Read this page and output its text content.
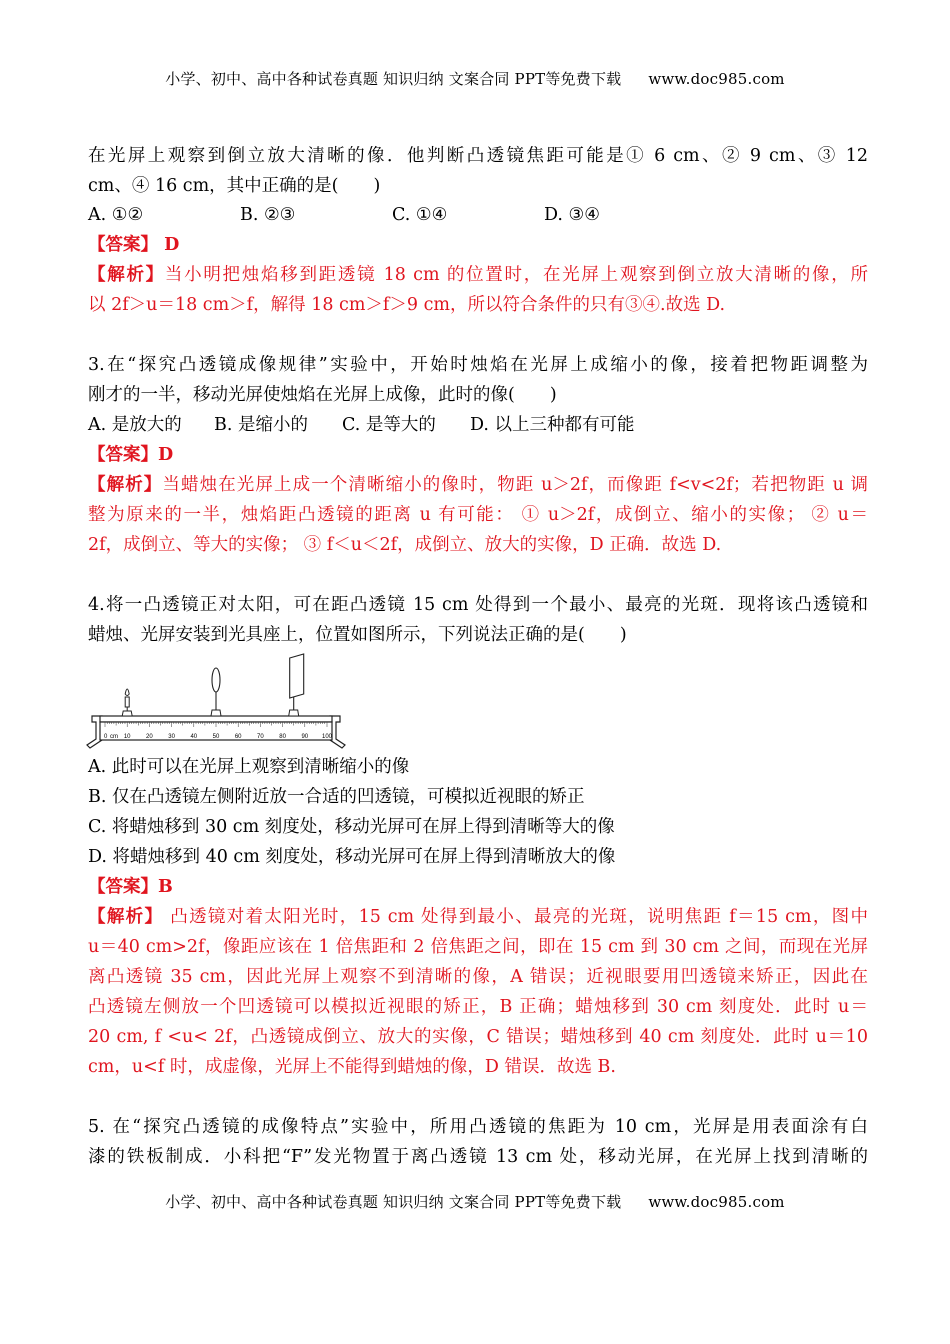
小学、初中、高中各种试卷真题 知识归纳 文案合同 PPT等免费下载 www.doc985.com
在光屏上观察到倒立放大清晰的像．他判断凸透镜焦距可能是① 6 cm、② 9 cm、③ 12
cm、④ 16 cm，其中正确的是(　　)
A. ①②	B. ②③	C. ①④	D. ③④
【答案】 D
【解析】当小明把烛焰移到距透镜 18 cm 的位置时，在光屏上观察到倒立放大清晰的像，所
以 2f＞u＝18 cm＞f，解得 18 cm＞f＞9 cm，所以符合条件的只有③④.故选 D.
3.在“探究凸透镜成像规律”实验中，开始时烛焰在光屏上成缩小的像，接着把物距调整为
刚才的一半，移动光屏使烛焰在光屏上成像，此时的像(　　)
A. 是放大的 B. 是缩小的 C. 是等大的 D. 以上三种都有可能
【答案】D
【解析】当蜡烛在光屏上成一个清晰缩小的像时，物距 u＞2f，而像距 f<v<2f；若把物距 u 调
整为原来的一半，烛焰距凸透镜的距离 u 有可能： ① u＞2f，成倒立、缩小的实像； ② u＝
2f，成倒立、等大的实像； ③ f＜u＜2f，成倒立、放大的实像，D 正确．故选 D.
4.将一凸透镜正对太阳，可在距凸透镜 15 cm 处得到一个最小、最亮的光斑．现将该凸透镜和
蜡烛、光屏安装到光具座上，位置如图所示，下列说法正确的是(　　)
0	10	20	30	40	50	60	70	80	90 100
cm
A. 此时可以在光屏上观察到清晰缩小的像
B. 仅在凸透镜左侧附近放一合适的凹透镜，可模拟近视眼的矫正
C. 将蜡烛移到 30 cm 刻度处，移动光屏可在屏上得到清晰等大的像
D. 将蜡烛移到 40 cm 刻度处，移动光屏可在屏上得到清晰放大的像
【答案】B
【解析】 凸透镜对着太阳光时，15 cm 处得到最小、最亮的光斑，说明焦距 f＝15 cm，图中
u＝40 cm>2f，像距应该在 1 倍焦距和 2 倍焦距之间，即在 15 cm 到 30 cm 之间，而现在光屏
离凸透镜 35 cm，因此光屏上观察不到清晰的像，A 错误；近视眼要用凹透镜来矫正，因此在
凸透镜左侧放一个凹透镜可以模拟近视眼的矫正，B 正确；蜡烛移到 30 cm 刻度处．此时 u＝
20 cm, f <u< 2f，凸透镜成倒立、放大的实像，C 错误；蜡烛移到 40 cm 刻度处．此时 u＝10
cm，u<f 时，成虚像，光屏上不能得到蜡烛的像，D 错误．故选 B.
5. 在“探究凸透镜的成像特点”实验中，所用凸透镜的焦距为 10 cm，光屏是用表面涂有白
漆的铁板制成．小科把“F”发光物置于离凸透镜 13 cm 处，移动光屏，在光屏上找到清晰的
小学、初中、高中各种试卷真题 知识归纳 文案合同 PPT等免费下载 www.doc985.com
